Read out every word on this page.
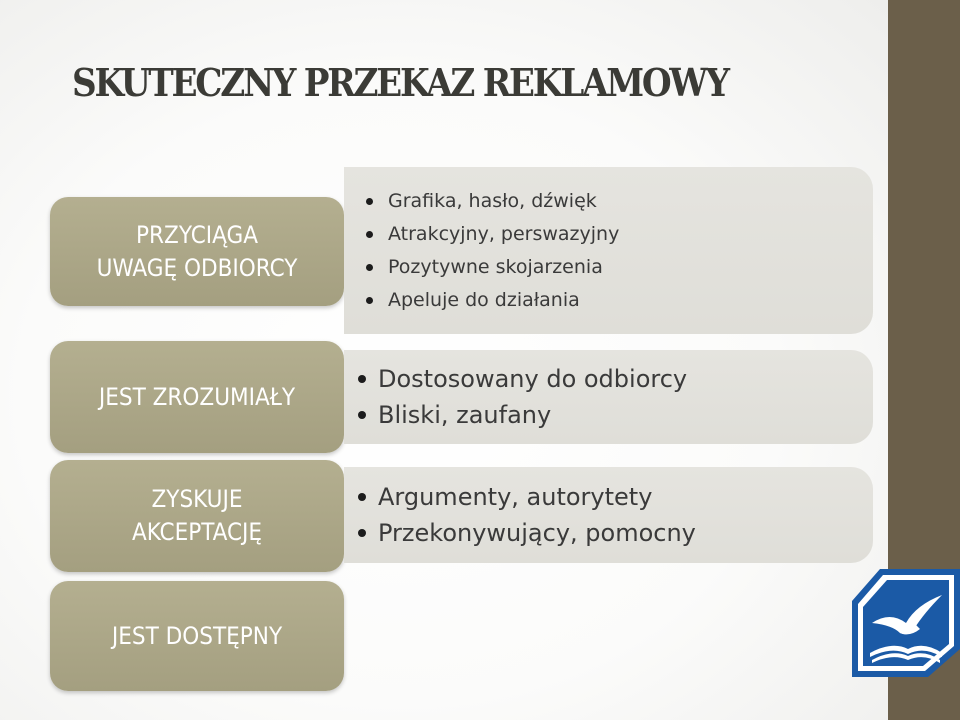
SKUTECZNY PRZEKAZ REKLAMOWY
PRZYCIĄGA
UWAGĘ ODBIORCY
Grafika, hasło, dźwięk
Atrakcyjny, perswazyjny
Pozytywne skojarzenia
Apeluje do działania
JEST ZROZUMIAŁY
Dostosowany do odbiorcy
Bliski, zaufany
ZYSKUJE
AKCEPTACJĘ
Argumenty, autorytety
Przekonywujący, pomocny
JEST DOSTĘPNY
